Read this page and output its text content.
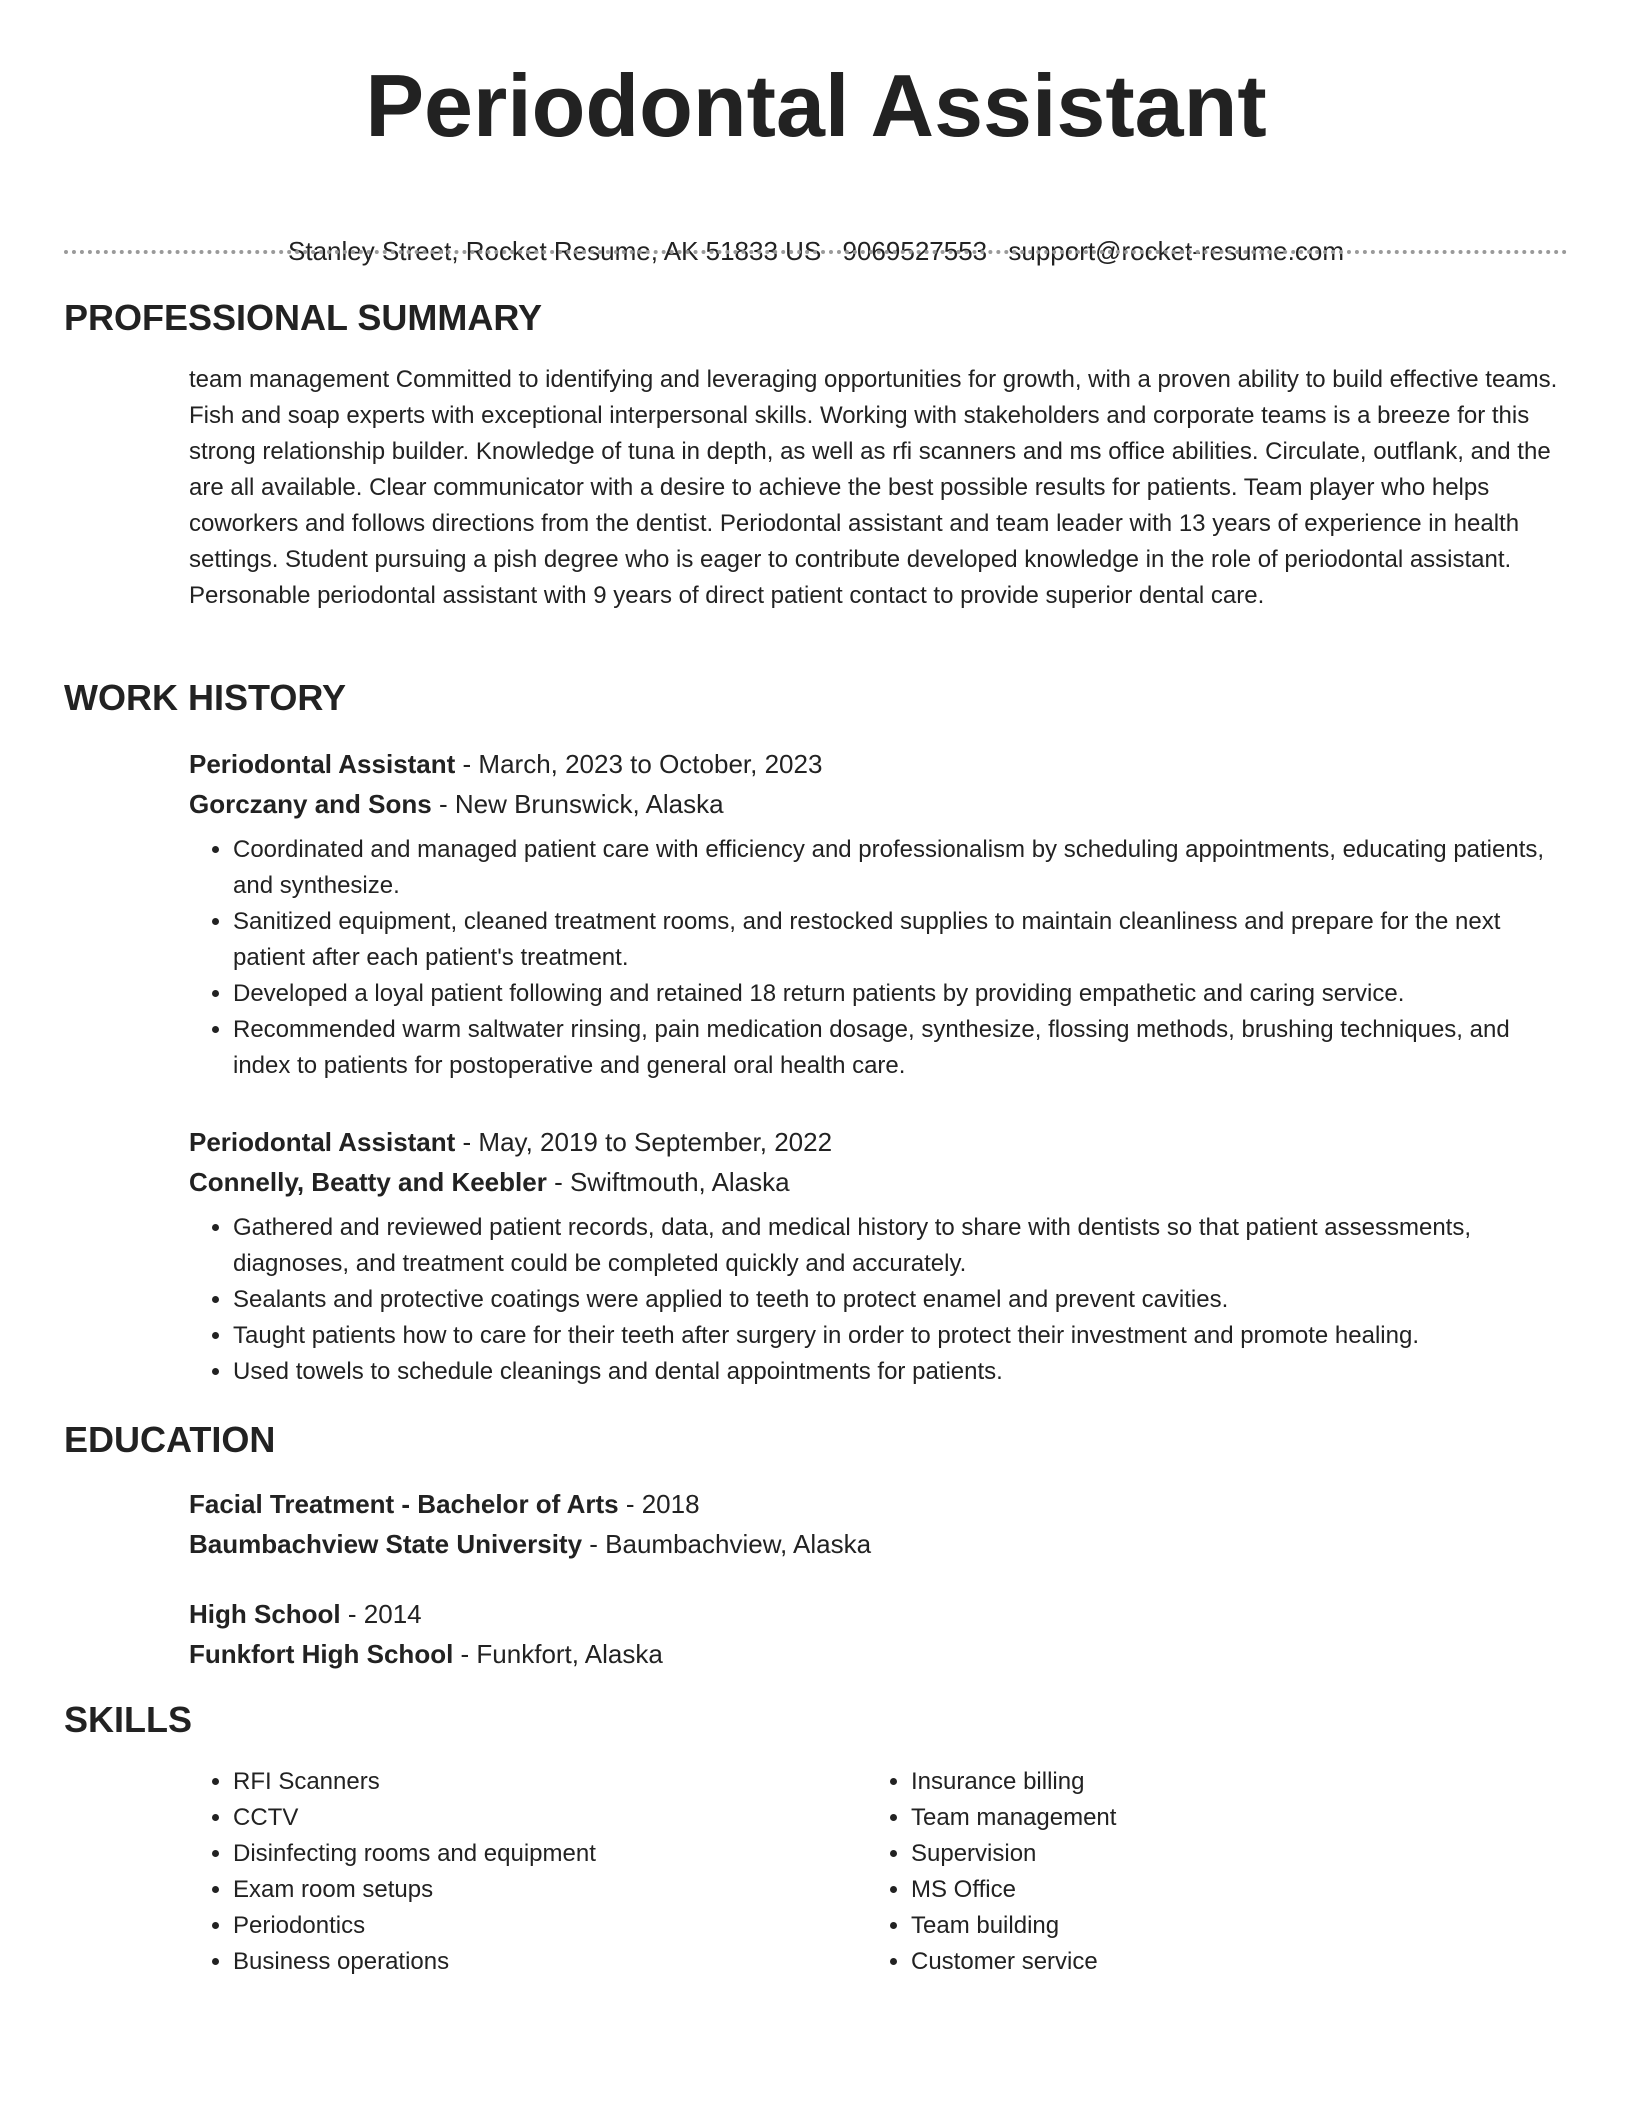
Periodontal Assistant
Stanley Street, Rocket Resume, AK 51833 US 9069527553 support@rocket-resume.com
PROFESSIONAL SUMMARY

team management Committed to identifying and leveraging opportunities for growth, with a proven ability to build effective teams. Fish and soap experts with exceptional interpersonal skills. Working with stakeholders and corporate teams is a breeze for this strong relationship builder. Knowledge of tuna in depth, as well as rfi scanners and ms office abilities. Circulate, outflank, and the are all available. Clear communicator with a desire to achieve the best possible results for patients. Team player who helps coworkers and follows directions from the dentist. Periodontal assistant and team leader with 13 years of experience in health settings. Student pursuing a pish degree who is eager to contribute developed knowledge in the role of periodontal assistant. Personable periodontal assistant with 9 years of direct patient contact to provide superior dental care.

WORK HISTORY

Periodontal Assistant - March, 2023 to October, 2023

Gorczany and Sons - New Brunswick, Alaska

• Coordinated and managed patient care with efficiency and professionalism by scheduling appointments, educating patients, and synthesize.
• Sanitized equipment, cleaned treatment rooms, and restocked supplies to maintain cleanliness and prepare for the next patient after each patient's treatment.
• Developed a loyal patient following and retained 18 return patients by providing empathetic and caring service.
• Recommended warm saltwater rinsing, pain medication dosage, synthesize, flossing methods, brushing techniques, and index to patients for postoperative and general oral health care.

Periodontal Assistant - May, 2019 to September, 2022

Connelly, Beatty and Keebler - Swiftmouth, Alaska

• Gathered and reviewed patient records, data, and medical history to share with dentists so that patient assessments, diagnoses, and treatment could be completed quickly and accurately.
• Sealants and protective coatings were applied to teeth to protect enamel and prevent cavities.
• Taught patients how to care for their teeth after surgery in order to protect their investment and promote healing.
• Used towels to schedule cleanings and dental appointments for patients.
EDUCATION

Facial Treatment - Bachelor of Arts - 2018

Baumbachview State University - Baumbachview, Alaska

High School - 2014

Funkfort High School - Funkfort, Alaska

SKILLS
• RFI Scanners
• CCTV
• Disinfecting rooms and equipment
• Exam room setups
• Periodontics
• Business operations
• Insurance billing
• Team management
• Supervision
• MS Office
• Team building
• Customer service
